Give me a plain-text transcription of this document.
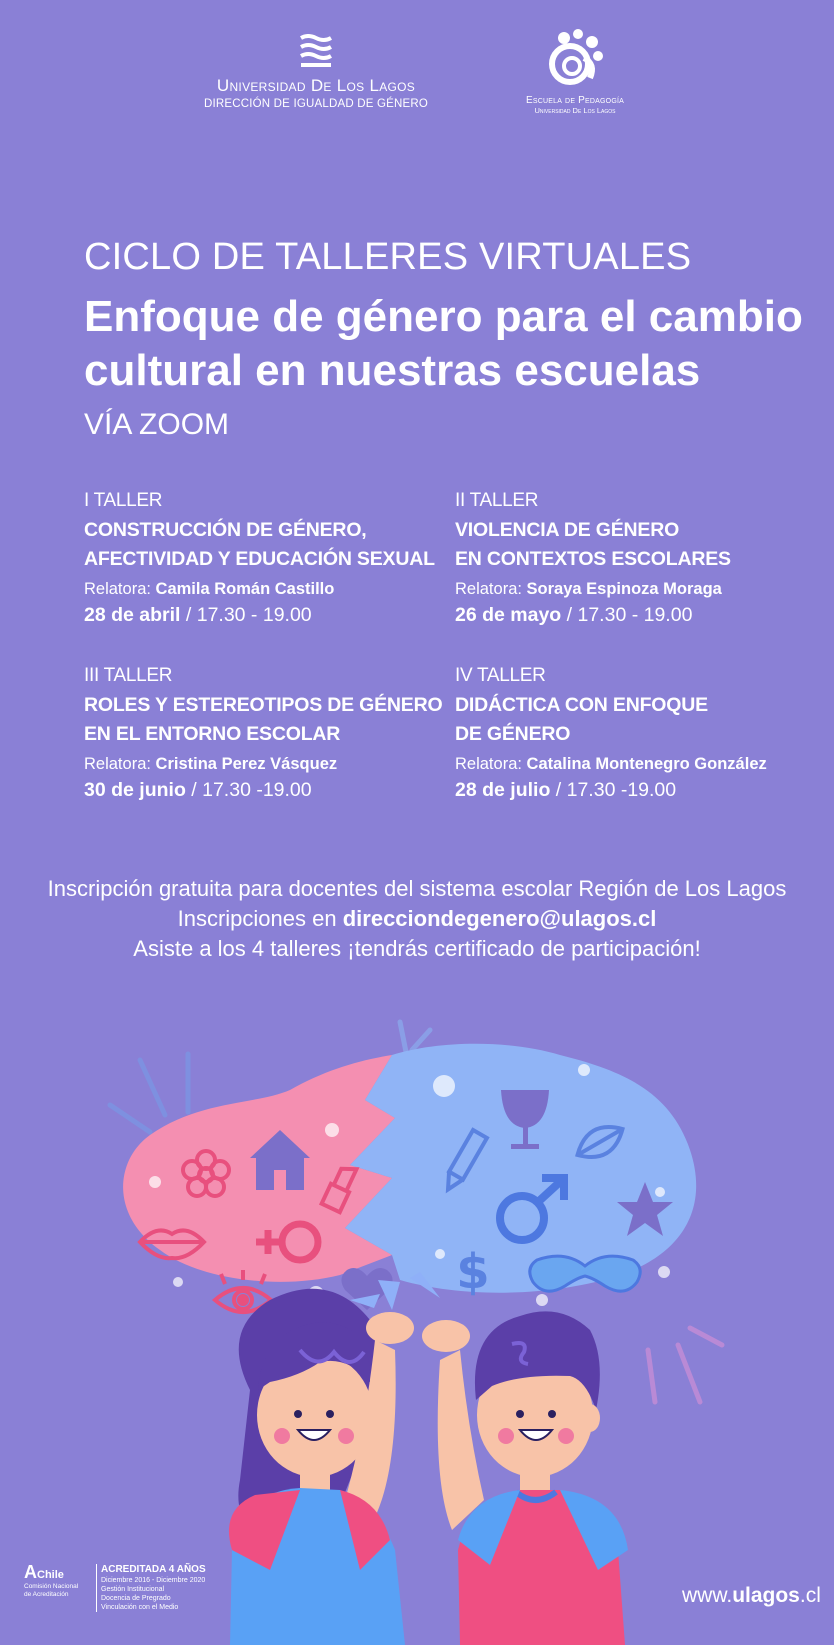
Universidad De Los Lagos
DIRECCIÓN DE IGUALDAD DE GÉNERO	Escuela de Pedagogía
Universidad De Los Lagos
CICLO DE TALLERES VIRTUALES
Enfoque de género para el cambio
cultural en nuestras escuelas
VÍA ZOOM
I TALLER
CONSTRUCCIÓN DE GÉNERO,
AFECTIVIDAD Y EDUCACIÓN SEXUAL
Relatora: Camila Román Castillo
28 de abril / 17.30 - 19.00
II TALLER
VIOLENCIA DE GÉNERO
EN CONTEXTOS ESCOLARES
Relatora: Soraya Espinoza Moraga
26 de mayo / 17.30 - 19.00
III TALLER
ROLES Y ESTEREOTIPOS DE GÉNERO
EN EL ENTORNO ESCOLAR
Relatora: Cristina Perez Vásquez
30 de junio / 17.30 -19.00
IV TALLER
DIDÁCTICA CON ENFOQUE
DE GÉNERO
Relatora: Catalina Montenegro González
28 de julio / 17.30 -19.00
Inscripción gratuita para docentes del sistema escolar Región de Los Lagos
Inscripciones en direcciondegenero@ulagos.cl
Asiste a los 4 talleres ¡tendrás certificado de participación!
$
AChile
Comisión Nacional
de Acreditación
ACREDITADA 4 AÑOS
Diciembre 2016 - Diciembre 2020
Gestión Institucional
Docencia de Pregrado
Vinculación con el Medio
www.ulagos.cl
